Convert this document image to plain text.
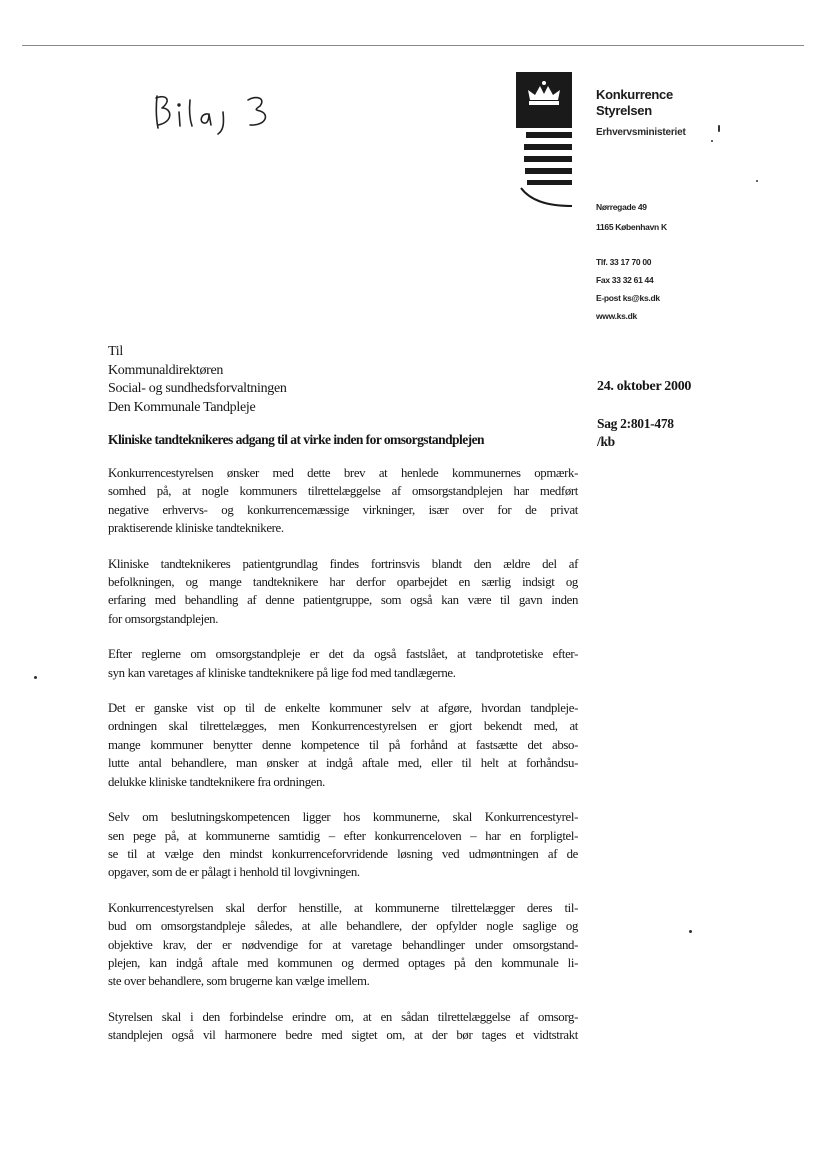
Konkurrence
Styrelsen
Erhvervsministeriet
Nørregade 49
1165 København K
Tlf. 33 17 70 00
Fax 33 32 61 44
E-post ks@ks.dk
www.ks.dk
Til
Kommunaldirektøren
Social- og sundhedsforvaltningen
Den Kommunale Tandpleje
24. oktober 2000
Sag 2:801-478
/kb
Kliniske tandteknikeres adgang til at virke inden for omsorgstandplejen

Konkurrencestyrelsen ønsker med dette brev at henlede kommunernes opmærk-
somhed på, at nogle kommuners tilrettelæggelse af omsorgstandplejen har medført
negative erhvervs- og konkurrencemæssige virkninger, især over for de privat
praktiserende kliniske tandteknikere.

Kliniske tandteknikeres patientgrundlag findes fortrinsvis blandt den ældre del af
befolkningen, og mange tandteknikere har derfor oparbejdet en særlig indsigt og
erfaring med behandling af denne patientgruppe, som også kan være til gavn inden
for omsorgstandplejen.

Efter reglerne om omsorgstandpleje er det da også fastslået, at tandprotetiske efter-
syn kan varetages af kliniske tandteknikere på lige fod med tandlægerne.

Det er ganske vist op til de enkelte kommuner selv at afgøre, hvordan tandpleje-
ordningen skal tilrettelægges, men Konkurrencestyrelsen er gjort bekendt med, at
mange kommuner benytter denne kompetence til på forhånd at fastsætte det abso-
lutte antal behandlere, man ønsker at indgå aftale med, eller til helt at forhåndsu-
delukke kliniske tandteknikere fra ordningen.

Selv om beslutningskompetencen ligger hos kommunerne, skal Konkurrencestyrel-
sen pege på, at kommunerne samtidig – efter konkurrenceloven – har en forpligtel-
se til at vælge den mindst konkurrenceforvridende løsning ved udmøntningen af de
opgaver, som de er pålagt i henhold til lovgivningen.

Konkurrencestyrelsen skal derfor henstille, at kommunerne tilrettelægger deres til-
bud om omsorgstandpleje således, at alle behandlere, der opfylder nogle saglige og
objektive krav, der er nødvendige for at varetage behandlinger under omsorgstand-
plejen, kan indgå aftale med kommunen og dermed optages på den kommunale li-
ste over behandlere, som brugerne kan vælge imellem.

Styrelsen skal i den forbindelse erindre om, at en sådan tilrettelæggelse af omsorg-
standplejen også vil harmonere bedre med sigtet om, at der bør tages et vidtstrakt
